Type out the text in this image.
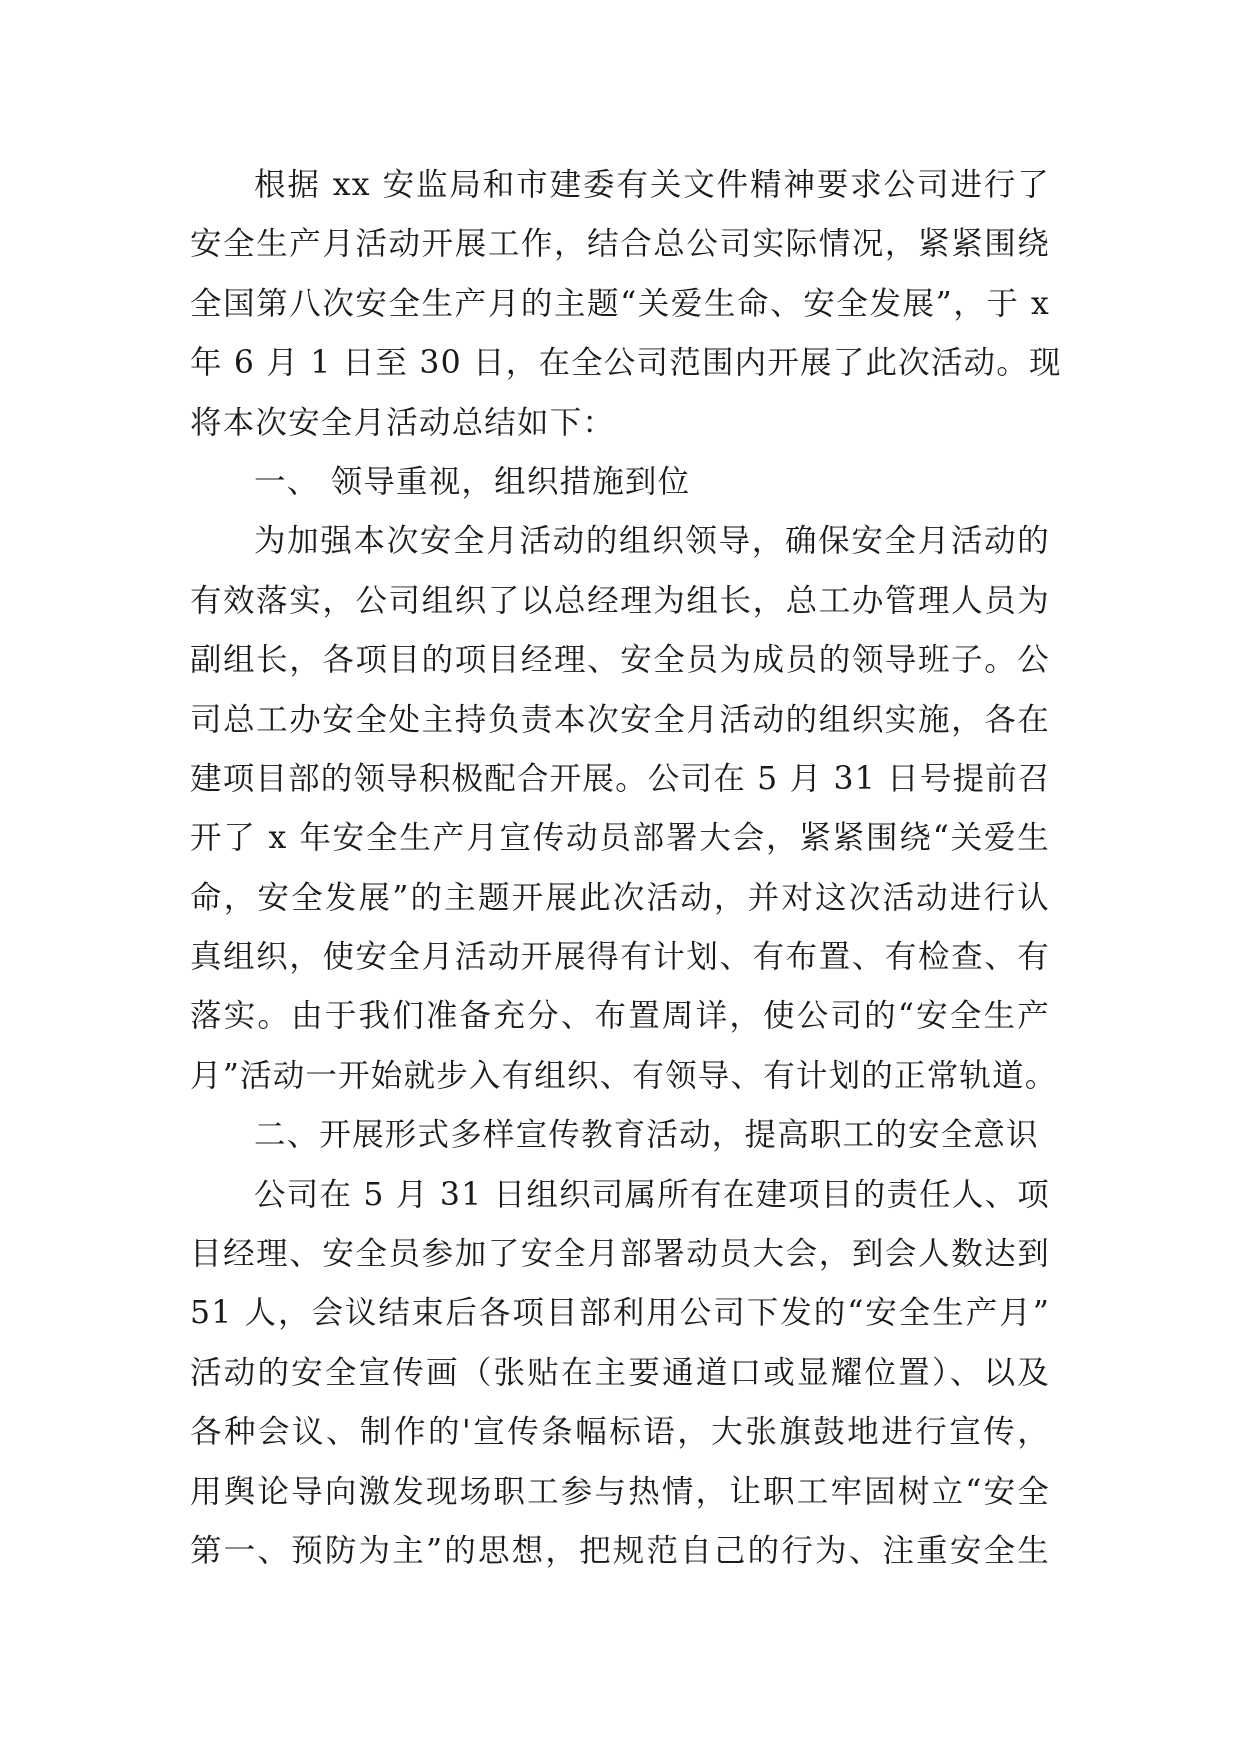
根据 xx 安监局和市建委有关文件精神要求公司进行了
安全生产月活动开展工作，结合总公司实际情况，紧紧围绕
全国第八次安全生产月的主题“关爱生命、安全发展”，于 x
年 6 月 1 日至 30 日，在全公司范围内开展了此次活动。现
将本次安全月活动总结如下：
一、 领导重视，组织措施到位
为加强本次安全月活动的组织领导，确保安全月活动的
有效落实，公司组织了以总经理为组长，总工办管理人员为
副组长，各项目的项目经理、安全员为成员的领导班子。公
司总工办安全处主持负责本次安全月活动的组织实施，各在
建项目部的领导积极配合开展。公司在 5 月 31 日号提前召
开了 x 年安全生产月宣传动员部署大会，紧紧围绕“关爱生
命，安全发展”的主题开展此次活动，并对这次活动进行认
真组织，使安全月活动开展得有计划、有布置、有检查、有
落实。由于我们准备充分、布置周详，使公司的“安全生产
月”活动一开始就步入有组织、有领导、有计划的正常轨道。
二、开展形式多样宣传教育活动，提高职工的安全意识
公司在 5 月 31 日组织司属所有在建项目的责任人、项
目经理、安全员参加了安全月部署动员大会，到会人数达到
51 人，会议结束后各项目部利用公司下发的“安全生产月”
活动的安全宣传画（张贴在主要通道口或显耀位置）、以及
各种会议、制作的'宣传条幅标语，大张旗鼓地进行宣传，
用舆论导向激发现场职工参与热情，让职工牢固树立“安全
第一、预防为主”的思想，把规范自己的行为、注重安全生
